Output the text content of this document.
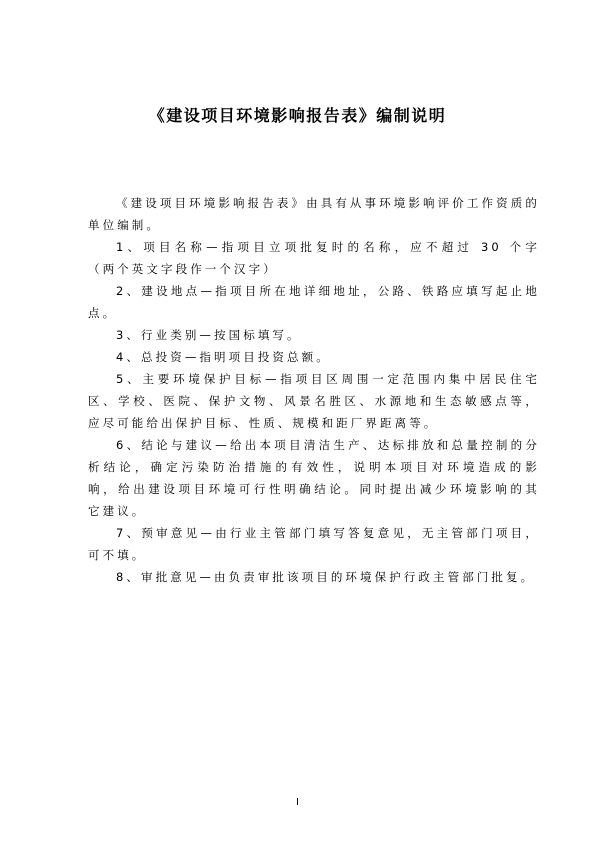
《建设项目环境影响报告表》编制说明

《建设项目环境影响报告表》由具有从事环境影响评价工作资质的单位编制。

1、项目名称—指项目立项批复时的名称，应不超过 30 个字（两个英文字段作一个汉字）

2、建设地点—指项目所在地详细地址，公路、铁路应填写起止地点。

3、行业类别—按国标填写。

4、总投资—指明项目投资总额。

5、主要环境保护目标—指项目区周围一定范围内集中居民住宅区、学校、医院、保护文物、风景名胜区、水源地和生态敏感点等，应尽可能给出保护目标、性质、规模和距厂界距离等。

6、结论与建议—给出本项目清洁生产、达标排放和总量控制的分析结论，确定污染防治措施的有效性，说明本项目对环境造成的影响，给出建设项目环境可行性明确结论。同时提出减少环境影响的其它建议。

7、预审意见—由行业主管部门填写答复意见，无主管部门项目，可不填。

8、审批意见—由负责审批该项目的环境保护行政主管部门批复。

I
